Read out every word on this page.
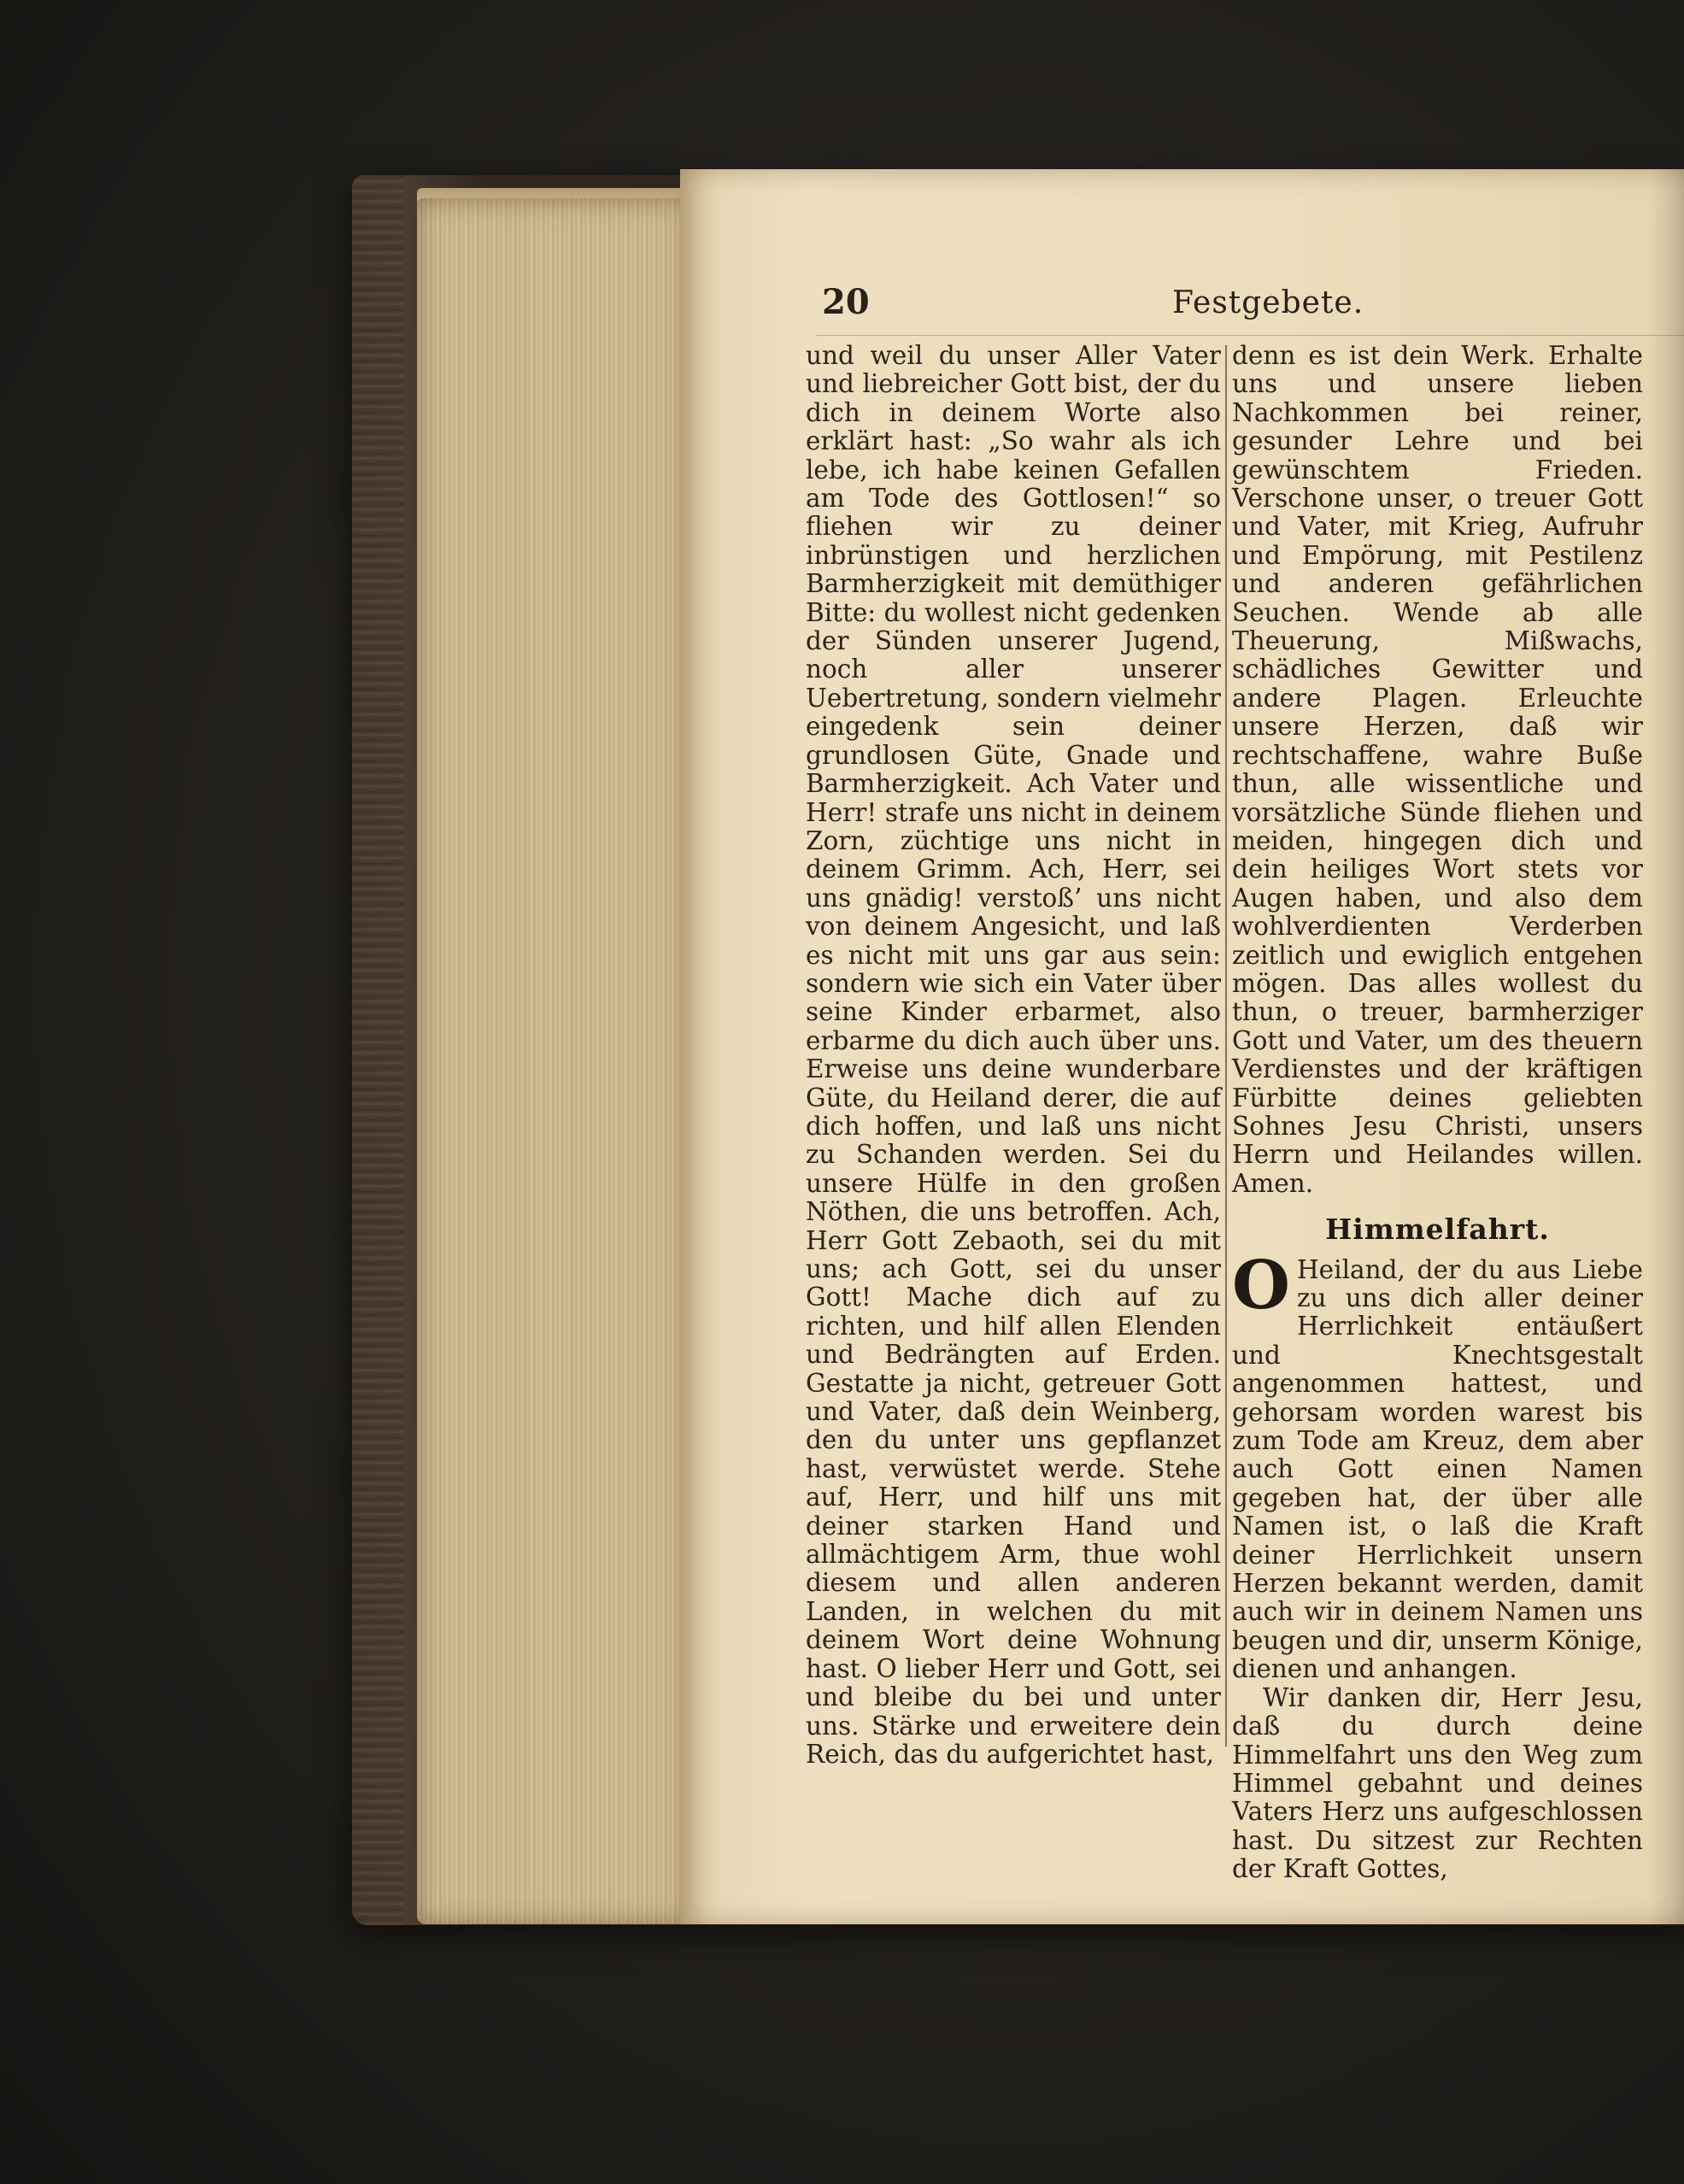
20	Festgebete.

und weil du unser Aller Vater und liebreicher Gott bist, der du dich in deinem Worte also erklärt hast: „So wahr als ich lebe, ich habe keinen Gefallen am Tode des Gottlosen!“ so fliehen wir zu deiner inbrünstigen und herzlichen Barmherzigkeit mit demüthiger Bitte: du wollest nicht gedenken der Sünden unserer Jugend, noch aller unserer Uebertretung, sondern vielmehr eingedenk sein deiner grundlosen Güte, Gnade und Barmherzigkeit. Ach Vater und Herr! strafe uns nicht in deinem Zorn, züchtige uns nicht in deinem Grimm. Ach, Herr, sei uns gnädig! verstoß’ uns nicht von deinem Angesicht, und laß es nicht mit uns gar aus sein: sondern wie sich ein Vater über seine Kinder erbarmet, also erbarme du dich auch über uns. Erweise uns deine wunderbare Güte, du Heiland derer, die auf dich hoffen, und laß uns nicht zu Schanden werden. Sei du unsere Hülfe in den großen Nöthen, die uns betroffen. Ach, Herr Gott Zebaoth, sei du mit uns; ach Gott, sei du unser Gott! Mache dich auf zu richten, und hilf allen Elenden und Bedrängten auf Erden. Gestatte ja nicht, getreuer Gott und Vater, daß dein Weinberg, den du unter uns gepflanzet hast, verwüstet werde. Stehe auf, Herr, und hilf uns mit deiner starken Hand und allmächtigem Arm, thue wohl diesem und allen anderen Landen, in welchen du mit deinem Wort deine Wohnung hast. O lieber Herr und Gott, sei und bleibe du bei und unter uns. Stärke und erweitere dein Reich, das du aufgerichtet hast,

denn es ist dein Werk. Erhalte uns und unsere lieben Nachkommen bei reiner, gesunder Lehre und bei gewünschtem Frieden. Verschone unser, o treuer Gott und Vater, mit Krieg, Aufruhr und Empörung, mit Pestilenz und anderen gefährlichen Seuchen. Wende ab alle Theuerung, Mißwachs, schädliches Gewitter und andere Plagen. Erleuchte unsere Herzen, daß wir rechtschaffene, wahre Buße thun, alle wissentliche und vorsätzliche Sünde fliehen und meiden, hingegen dich und dein heiliges Wort stets vor Augen haben, und also dem wohlverdienten Verderben zeitlich und ewiglich entgehen mögen. Das alles wollest du thun, o treuer, barmherziger Gott und Vater, um des theuern Verdienstes und der kräftigen Fürbitte deines geliebten Sohnes Jesu Christi, unsers Herrn und Heilandes willen. Amen.

Himmelfahrt.

O Heiland, der du aus Liebe zu uns dich aller deiner Herrlichkeit entäußert und Knechtsgestalt angenommen hattest, und gehorsam worden warest bis zum Tode am Kreuz, dem aber auch Gott einen Namen gegeben hat, der über alle Namen ist, o laß die Kraft deiner Herrlichkeit unsern Herzen bekannt werden, damit auch wir in deinem Namen uns beugen und dir, unserm Könige, dienen und anhangen.

Wir danken dir, Herr Jesu, daß du durch deine Himmelfahrt uns den Weg zum Himmel gebahnt und deines Vaters Herz uns aufgeschlossen hast. Du sitzest zur Rechten der Kraft Gottes,
